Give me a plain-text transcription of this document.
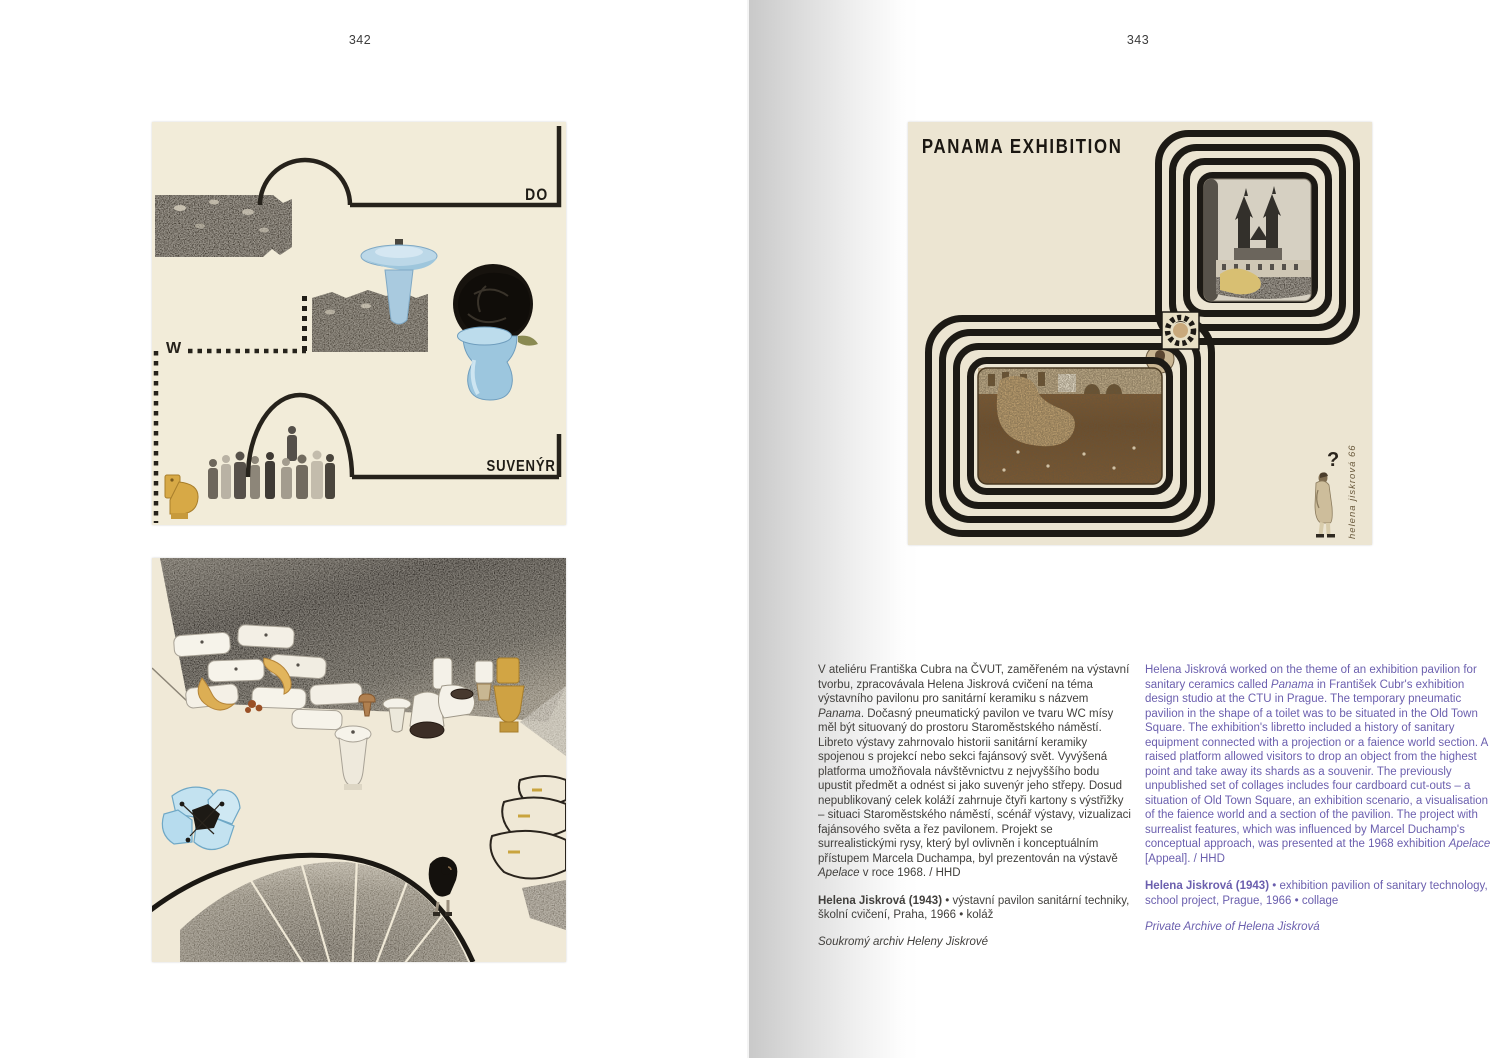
342	343
DO
W
SUVENÝR
PANAMA EXHIBITION
? helena jiskrová 66

V ateliéru Františka Cubra na ČVUT, zaměřeném na výstavní tvorbu, zpracovávala Helena Jiskrová cvičení na téma výstavního pavilonu pro sanitární keramiku s názvem Panama. Dočasný pneumatický pavilon ve tvaru WC mísy měl být situovaný do prostoru Staroměstského náměstí. Libreto výstavy zahrnovalo historii sanitární keramiky spojenou s projekcí nebo sekci fajánsový svět. Vyvýšená platforma umožňovala návštěvnictvu z nejvyššího bodu upustit předmět a odnést si jako suvenýr jeho střepy. Dosud nepublikovaný celek koláží zahrnuje čtyři kartony s výstřižky – situaci Staroměstského náměstí, scénář výstavy, vizualizaci fajánsového světa a řez pavilonem. Projekt se surrealistickými rysy, který byl ovlivněn i konceptuálním přístupem Marcela Duchampa, byl prezentován na výstavě Apelace v roce 1968. / HHD

Helena Jiskrová (1943) • výstavní pavilon sanitární techniky, školní cvičení, Praha, 1966 • koláž

Soukromý archiv Heleny Jiskrové

Helena Jiskrová worked on the theme of an exhibition pavilion for sanitary ceramics called Panama in František Cubr's exhibition design studio at the CTU in Prague. The temporary pneumatic pavilion in the shape of a toilet was to be situated in the Old Town Square. The exhibition's libretto included a history of sanitary equipment connected with a projection or a faience world section. A raised platform allowed visitors to drop an object from the highest point and take away its shards as a souvenir. The previously unpublished set of collages includes four cardboard cut-outs – a situation of Old Town Square, an exhibition scenario, a visualisation of the faience world and a section of the pavilion. The project with surrealist features, which was influenced by Marcel Duchamp's conceptual approach, was presented at the 1968 exhibition Apelace [Appeal]. / HHD

Helena Jiskrová (1943) • exhibition pavilion of sanitary technology, school project, Prague, 1966 • collage

Private Archive of Helena Jiskrová
